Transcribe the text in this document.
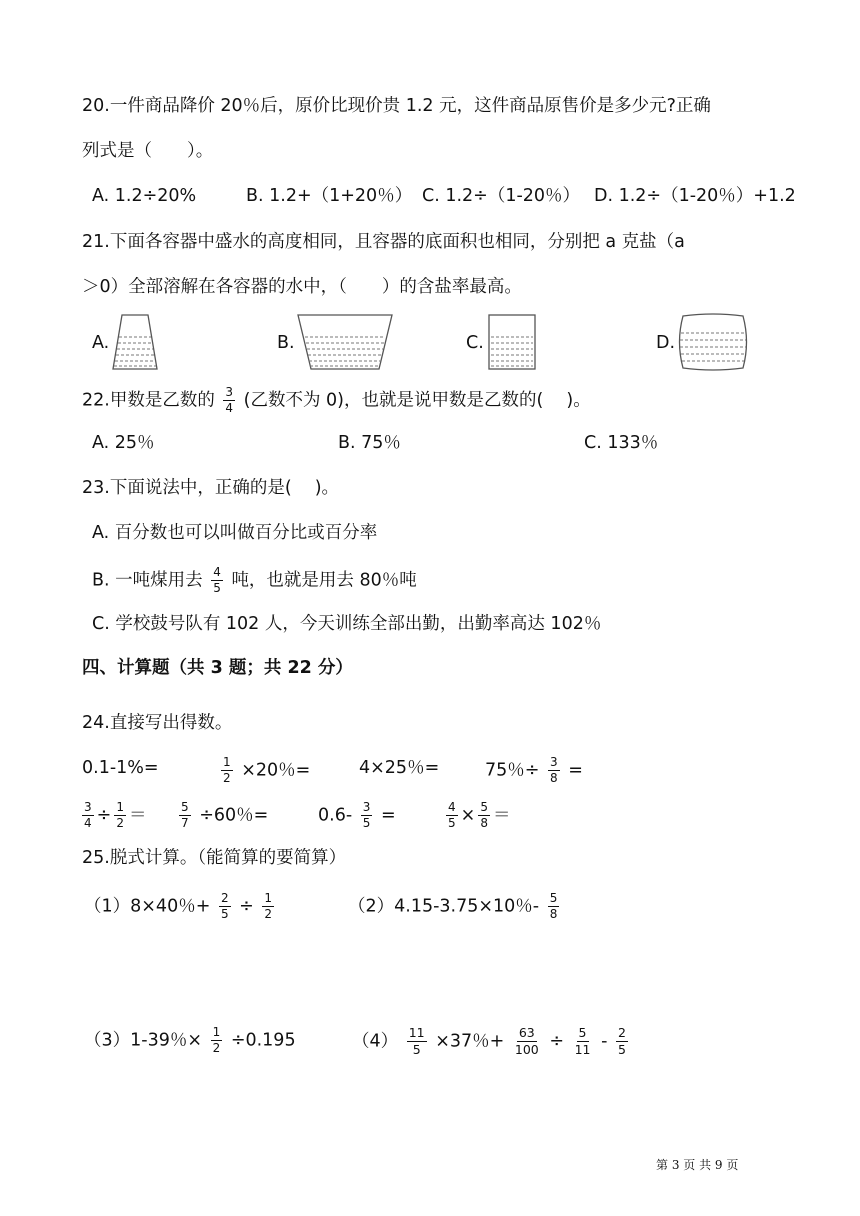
20.一件商品降价 20％后，原价比现价贵 1.2 元，这件商品原售价是多少元?正确
列式是（　　）。
A. 1.2÷20%	B. 1.2+（1+20％） C. 1.2÷（1-20％） D. 1.2÷（1-20％）+1.2
21.下面各容器中盛水的高度相同，且容器的底面积也相同，分别把 a 克盐（a
＞0）全部溶解在各容器的水中，（　　）的含盐率最高。
A.	B.	C.	D.
22.甲数是乙数的 $\frac{3}{4}$ (乙数不为 0)，也就是说甲数是乙数的(　 )。
A. 25％	B. 75％	C. 133％
23.下面说法中，正确的是(　 )。
A. 百分数也可以叫做百分比或百分率
B. 一吨煤用去 $\frac{4}{5}$ 吨，也就是用去 80％吨
C. 学校鼓号队有 102 人，今天训练全部出勤，出勤率高达 102％
四、计算题（共 3 题；共 22 分）
24.直接写出得数。
0.1-1%=	$\frac{1}{2} \times 20$％=	4×25％=	75％÷ $\frac{3}{8}$ =
$\frac{3}{4} \div \frac{1}{2}$ ＝	$\frac{5}{7} \div 60$％=	$0.6- \frac{3}{5}$ =	$\frac{4}{5} \times \frac{5}{8}$ ＝
25.脱式计算。（能简算的要简算）
（1）8×40％+ $\frac{2}{5} \div \frac{1}{2}$	（2）4.15-3.75×10％- $\frac{5}{8}$
（3）1-39％× $\frac{1}{2} \div 0.195$	$(4) \frac{11}{5} \times 37$％+ $\frac{63}{100} \div \frac{5}{11} - \frac{2}{5}$
第 3 页 共 9 页
